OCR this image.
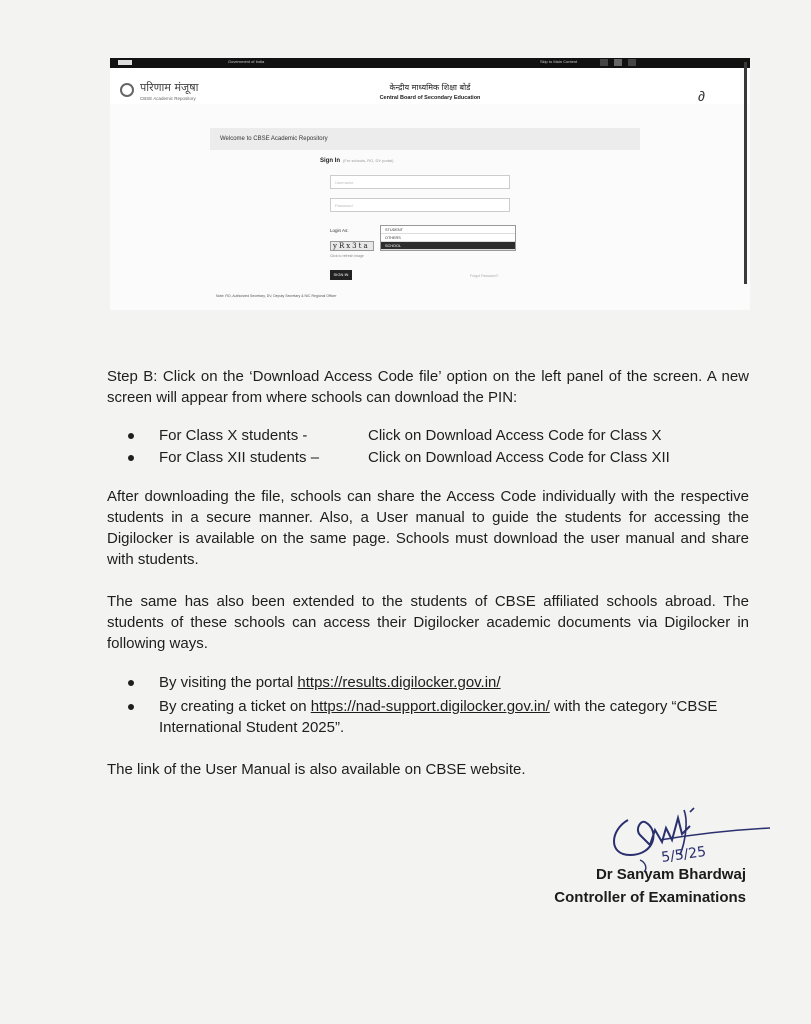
Government of India	Skip to Main Content
परिणाम मंजूषा
CBSE Academic Repository
केन्द्रीय माध्यमिक शिक्षा बोर्ड
Central Board of Secondary Education	∂
Welcome to CBSE Academic Repository
Sign In (For schools, RO, DV portal)
Username
Password
Login As:	STUDENT
OTHERS
SCHOOL
yRx3ta
Click to refresh image
SIGN IN	Forgot Password?
Note: RO, Authorized Secretary, DV, Deputy Secretary & NIC Regional Officer

Step B: Click on the ‘Download Access Code file’ option on the left panel of the screen. A new screen will appear from where schools can download the PIN:

For Class X students -	Click on Download Access Code for Class X
For Class XII students –	Click on Download Access Code for Class XII

After downloading the file, schools can share the Access Code individually with the respective students in a secure manner. Also, a User manual to guide the students for accessing the Digilocker is available on the same page. Schools must download the user manual and share with students.

The same has also been extended to the students of CBSE affiliated schools abroad. The students of these schools can access their Digilocker academic documents via Digilocker in following ways.

By visiting the portal https://results.digilocker.gov.in/
By creating a ticket on https://nad-support.digilocker.gov.in/ with the category “CBSE International Student 2025”.

The link of the User Manual is also available on CBSE website.

5/5/25
Dr Sanyam Bhardwaj
Controller of Examinations
